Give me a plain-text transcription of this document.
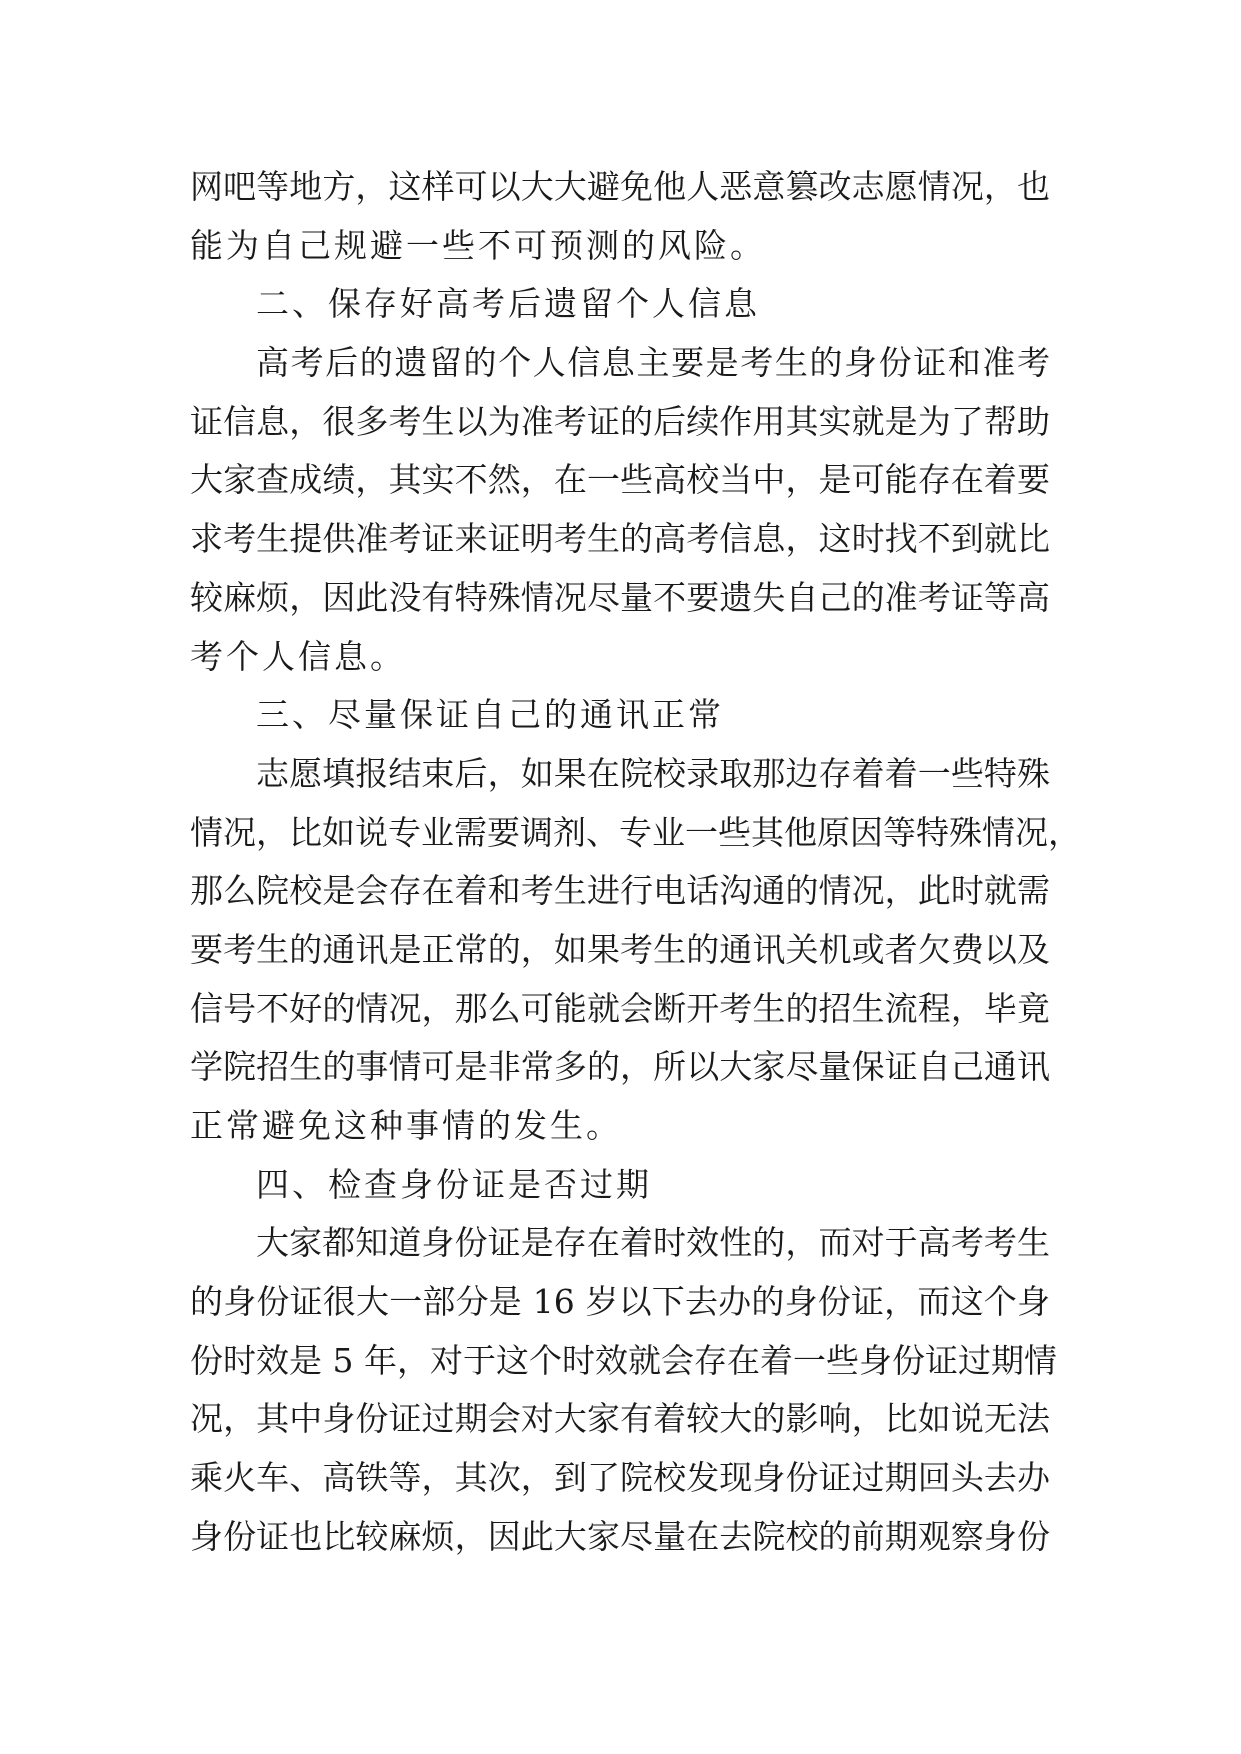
网吧等地方，这样可以大大避免他人恶意篡改志愿情况，也
能为自己规避一些不可预测的风险。
二、保存好高考后遗留个人信息
高考后的遗留的个人信息主要是考生的身份证和准考
证信息，很多考生以为准考证的后续作用其实就是为了帮助
大家查成绩，其实不然，在一些高校当中，是可能存在着要
求考生提供准考证来证明考生的高考信息，这时找不到就比
较麻烦，因此没有特殊情况尽量不要遗失自己的准考证等高
考个人信息。
三、尽量保证自己的通讯正常
志愿填报结束后，如果在院校录取那边存着着一些特殊
情况，比如说专业需要调剂、专业一些其他原因等特殊情况，
那么院校是会存在着和考生进行电话沟通的情况，此时就需
要考生的通讯是正常的，如果考生的通讯关机或者欠费以及
信号不好的情况，那么可能就会断开考生的招生流程，毕竟
学院招生的事情可是非常多的，所以大家尽量保证自己通讯
正常避免这种事情的发生。
四、检查身份证是否过期
大家都知道身份证是存在着时效性的，而对于高考考生
的身份证很大一部分是 16 岁以下去办的身份证，而这个身
份时效是 5 年，对于这个时效就会存在着一些身份证过期情
况，其中身份证过期会对大家有着较大的影响，比如说无法
乘火车、高铁等，其次，到了院校发现身份证过期回头去办
身份证也比较麻烦，因此大家尽量在去院校的前期观察身份
